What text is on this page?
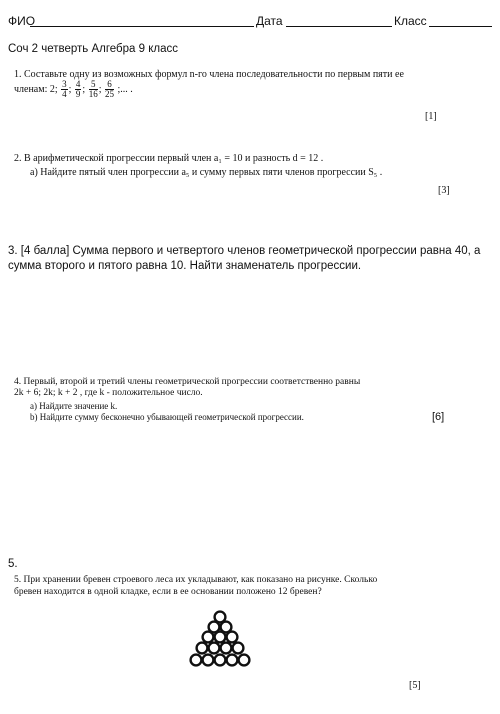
ФИО	Дата	Класс
Соч 2 четверть Алгебра 9 класс
1. Составьте одну из возможных формул n-го члена последовательности по первым пяти ее
членам: 2; $\frac{3}{4}$ ; $\frac{4}{9}$ ; $\frac{5}{16}$ ; $\frac{6}{25}$ ;... .
[1]
2. В арифметической прогрессии первый член a₁ = 10 и разность d = 12 .
а) Найдите пятый член прогрессии a₅ и сумму первых пяти членов прогрессии S₅ .
[3]
3. [4 балла] Сумма первого и четвертого членов геометрической прогрессии равна 40, а сумма второго и пятого равна 10. Найти знаменатель прогрессии.
4. Первый, второй и третий члены геометрической прогрессии соответственно равны
2k + 6; 2k; k + 2 , где k - положительное число.
a) Найдите значение k.
b) Найдите сумму бесконечно убывающей геометрической прогрессии.	[6]
5.
5. При хранении бревен строевого леса их укладывают, как показано на рисунке. Сколько
бревен находится в одной кладке, если в ее основании положено 12 бревен?
[5]
